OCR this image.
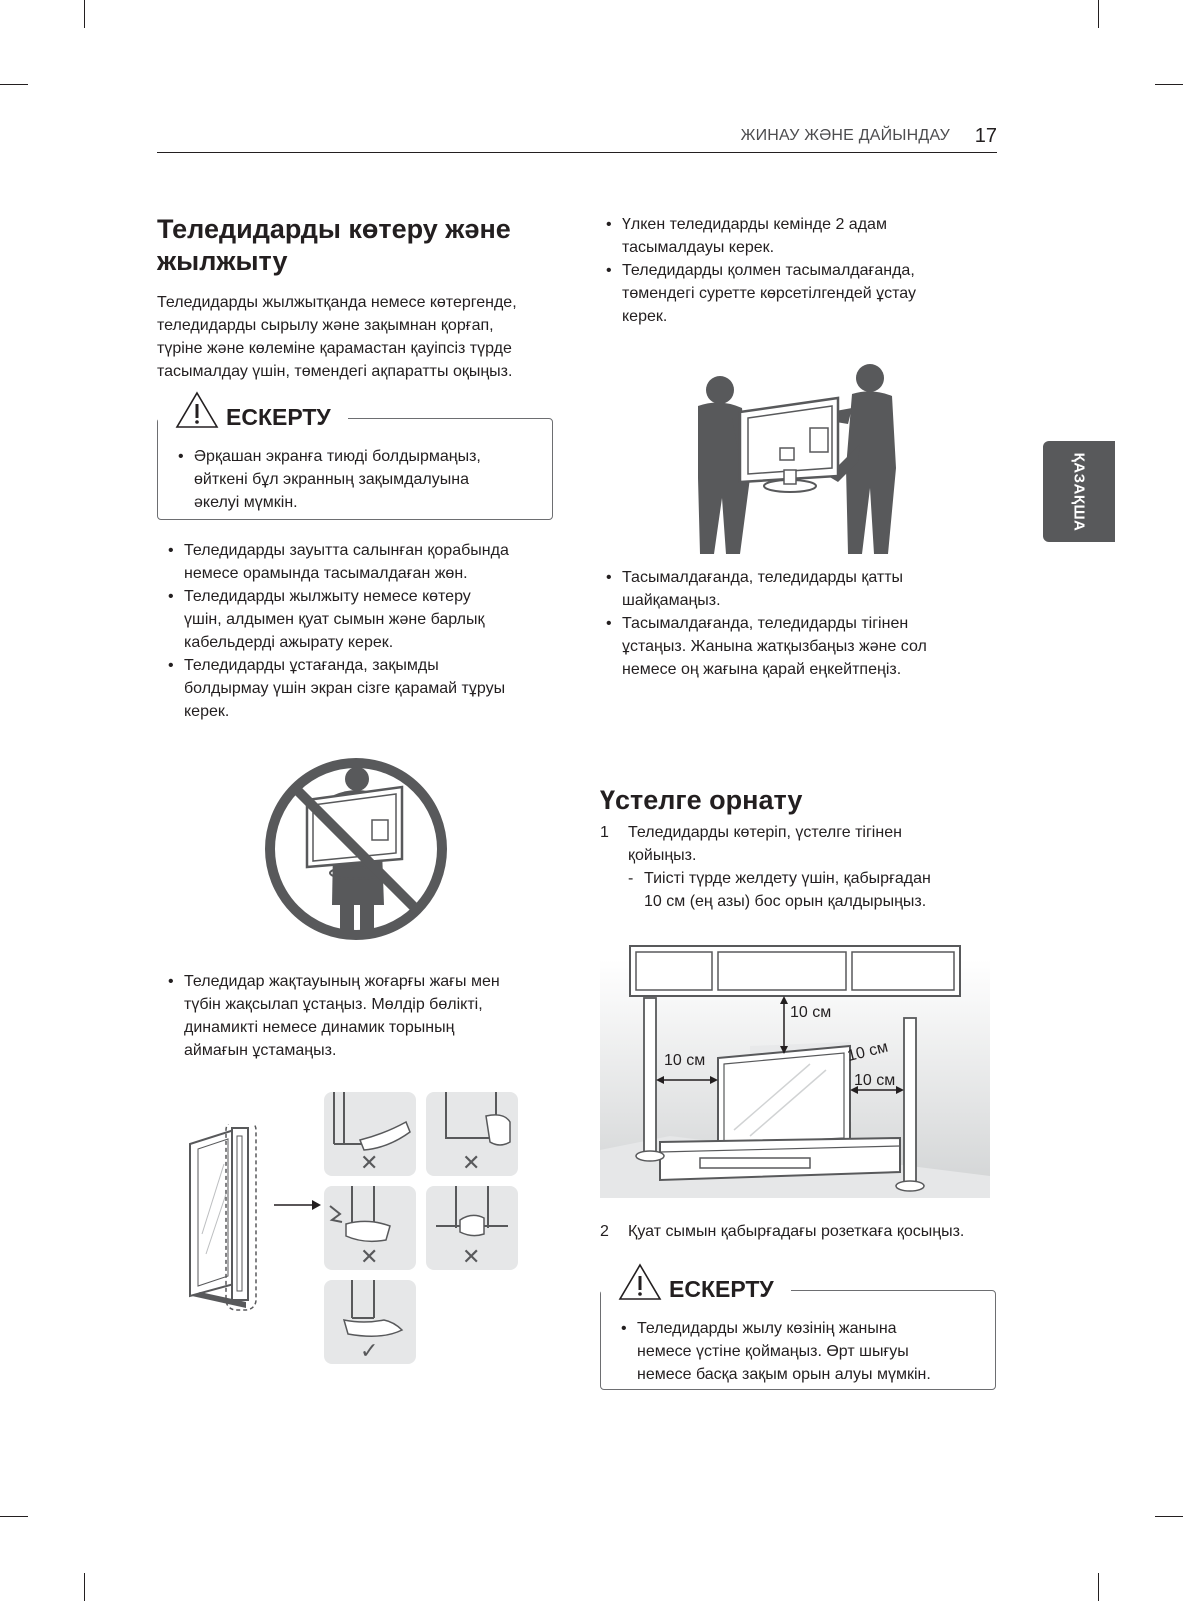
ЖИНАУ ЖӘНЕ ДАЙЫНДАУ 17
ҚАЗАҚША
Теледидарды көтеру және
жылжыту

Теледидарды жылжытқанда немесе көтергенде,
теледидарды сырылу және зақымнан қорғап,
түріне және көлеміне қарамастан қауіпсіз түрде
тасымалдау үшін, төмендегі ақпаратты оқыңыз.

• Әрқашан экранға тиюді болдырмаңыз,
өйткені бұл экранның зақымдалуына
әкелуі мүмкін.
ЕСКЕРТУ
• Теледидарды зауытта салынған қорабында
немесе орамында тасымалдаған жөн.
• Теледидарды жылжыту немесе көтеру
үшін, алдымен қуат сымын және барлық
кабельдерді ажырату керек.
• Теледидарды ұстағанда, зақымды
болдырмау үшін экран сізге қарамай тұруы
керек.
• Теледидар жақтауының жоғарғы жағы мен
түбін жақсылап ұстаңыз. Мөлдір бөлікті,
динамикті немесе динамик торының
аймағын ұстамаңыз.
✕	✕
✕	✕
✓
• Үлкен теледидарды кемінде 2 адам
тасымалдауы керек.
• Теледидарды қолмен тасымалдағанда,
төмендегі суретте көрсетілгендей ұстау
керек.
• Тасымалдағанда, теледидарды қатты
шайқамаңыз.
• Тасымалдағанда, теледидарды тігінен
ұстаңыз. Жанына жатқызбаңыз және сол
немесе оң жағына қарай еңкейтпеңіз.
Үстелге орнату
1 Теледидарды көтеріп, үстелге тігінен
қойыңыз.
- Тиісті түрде желдету үшін, қабырғадан
10 см (ең азы) бос орын қалдырыңыз.
10 см
10 см	10 см
10 см
2 Қуат сымын қабырғадағы розеткаға қосыңыз.
• Теледидарды жылу көзінің жанына
немесе үстіне қоймаңыз. Өрт шығуы
немесе басқа зақым орын алуы мүмкін.
ЕСКЕРТУ
